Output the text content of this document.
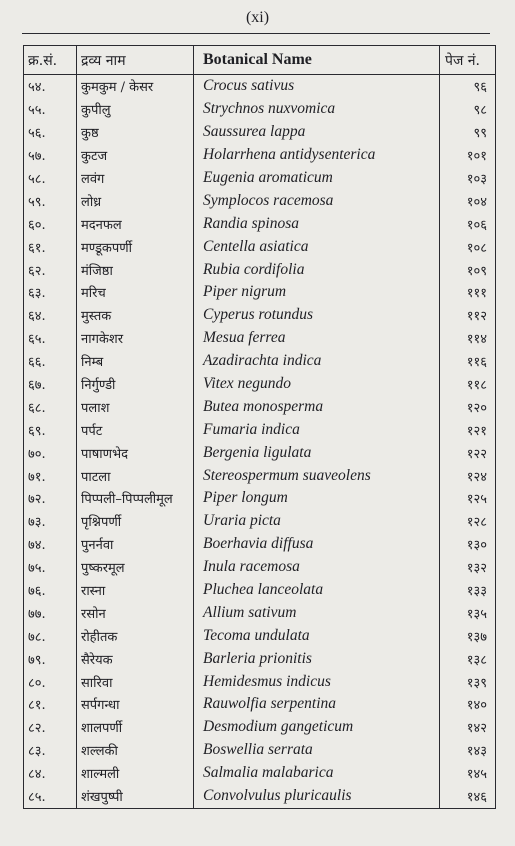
(xi)
क्र.सं.	द्रव्य नाम	Botanical Name	पेज नं.
५४.	कुमकुम / केसर	Crocus sativus	९६
५५.	कुपीलु	Strychnos nuxvomica	९८
५६.	कुष्ठ	Saussurea lappa	९९
५७.	कुटज	Holarrhena antidysenterica	१०१
५८.	लवंग	Eugenia aromaticum	१०३
५९.	लोध्र	Symplocos racemosa	१०४
६०.	मदनफल	Randia spinosa	१०६
६१.	मण्डूकपर्णी	Centella asiatica	१०८
६२.	मंजिष्ठा	Rubia cordifolia	१०९
६३.	मरिच	Piper nigrum	१११
६४.	मुस्तक	Cyperus rotundus	११२
६५.	नागकेशर	Mesua ferrea	११४
६६.	निम्ब	Azadirachta indica	११६
६७.	निर्गुण्डी	Vitex negundo	११८
६८.	पलाश	Butea monosperma	१२०
६९.	पर्पट	Fumaria indica	१२१
७०.	पाषाणभेद	Bergenia ligulata	१२२
७१.	पाटला	Stereospermum suaveolens	१२४
७२.	पिप्पली–पिप्पलीमूल	Piper longum	१२५
७३.	पृश्निपर्णी	Uraria picta	१२८
७४.	पुनर्नवा	Boerhavia diffusa	१३०
७५.	पुष्करमूल	Inula racemosa	१३२
७६.	रास्ना	Pluchea lanceolata	१३३
७७.	रसोन	Allium sativum	१३५
७८.	रोहीतक	Tecoma undulata	१३७
७९.	सैरेयक	Barleria prionitis	१३८
८०.	सारिवा	Hemidesmus indicus	१३९
८१.	सर्पगन्धा	Rauwolfia serpentina	१४०
८२.	शालपर्णी	Desmodium gangeticum	१४२
८३.	शल्लकी	Boswellia serrata	१४३
८४.	शाल्मली	Salmalia malabarica	१४५
८५.	शंखपुष्पी	Convolvulus pluricaulis	१४६
